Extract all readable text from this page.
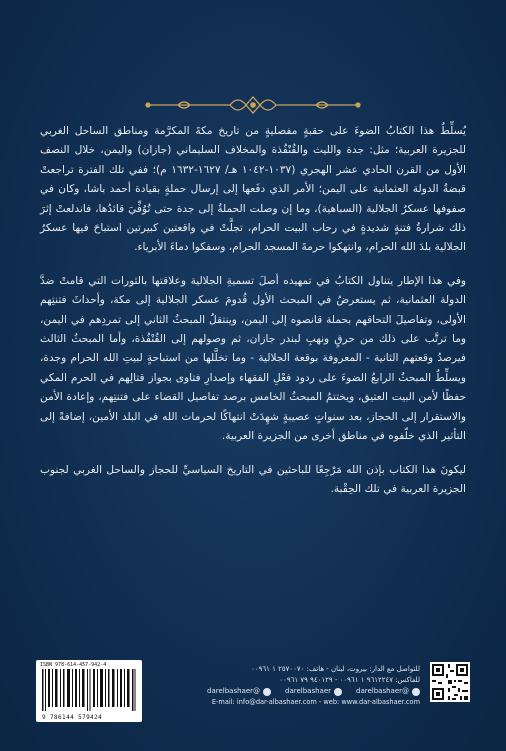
يُسلِّطُ هذا الكتابُ الضوءَ على حقبةٍ مفصليةٍ من تاريخ مكةَ المكرَّمة ومناطق الساحل الغربي للجزيرة العربية؛ مثل: جدة والليث والقُنْفُذة والمخلاف السليماني (جازان) واليمن، خلال النصف الأول من القرن الحادي عشر الهجري (١٠٣٧-١٠٤٢ هـ/ ١٦٢٧-١٦٣٢ م)؛ ففي تلك الفترة تراجعتْ قبضةُ الدولة العثمانية على اليمن؛ الأمر الذي دفَعها إلى إرسال حملةٍ بقيادة أحمد باشا، وكان في صفوفها عسكرُ الجلالية (السباهية)، وما إن وصلت الحملةُ إلى جدة حتى تُوُفِّيَ قائدُها، فاندلعتْ إثرَ ذلك شرارةُ فتنةٍ شديدةٍ في رحاب البيت الحرام، تجلَّتْ في واقعتين كبيرتين استباحَ فيها عسكرُ الجلالية بلدَ الله الحرام، وانتهكوا حرمةَ المسجد الحرام، وسفكوا دماءَ الأبرياء.

وفي هذا الإطار يتناول الكتابُ في تمهيده أصلَ تسميةِ الجلالية وعلاقتها بالثورات التي قامتْ ضدَّ الدولة العثمانية، ثم يستعرضُ في المبحث الأول قُدومَ عسكر الجلالية إلى مكة، وأحداثَ فتنتِهم الأولى، وتفاصيلَ التحاقهم بحملة قانصوه إلى اليمن، وينتقلُ المبحثُ الثاني إلى تمردِهم في اليمن، وما ترتَّب على ذلك من حرقٍ ونهبِ لبندر جازان، ثم وصولهم إلى القُنْفُذة، وأما المبحثُ الثالث فيرصدُ وقعتهم الثانية - المعروفة بوقعة الجلالية - وما تخلَّلها من استباحةٍ لبيتِ الله الحرام وجدة، ويسلِّطُ المبحثُ الرابعُ الضوءَ على ردود فعْلِ الفقهاء وإصدارِ فتاوى بجواز قتالِهم في الحرم المكي حفظًا لأمن البيت العتيق، ويختتمُ المبحثُ الخامس برصد تفاصيل القضاء على فتنتِهم، وإعادة الأمن والاستقرار إلى الحجاز، بعد سنواتٍ عصيبةٍ شهِدَتْ انتهاكًا لحرمات الله في البلد الأمين، إضافةً إلى التأثير الذي خلّفوه في مناطق أخرى من الجزيرة العربية.

ليكونَ هذا الكتاب بإذن الله مَرْجِعًا للباحثين في التاريخ السياسيِّ للحجاز والساحل الغربي لجنوب الجزيرة العربية في تلك الحِقْبة.

ISBN 978-614-457-942-4
9 786144 579424
للتواصل مع الدار: بيروت، لبنان - هاتف: ٢٥٧٠٠٧٠ ١ ٠٠٩٦١
للفاكس: ٩٦١٢٢٤٧ ١ ٠٠٩٦١ - ٩٤٠١٢٩ ٧٩ ٠٠٩٦١
@darelbashaer
darelbashaer
@darelbashaer
E-mail: info@dar-albashaer.com - web: www.dar-albashaer.com
